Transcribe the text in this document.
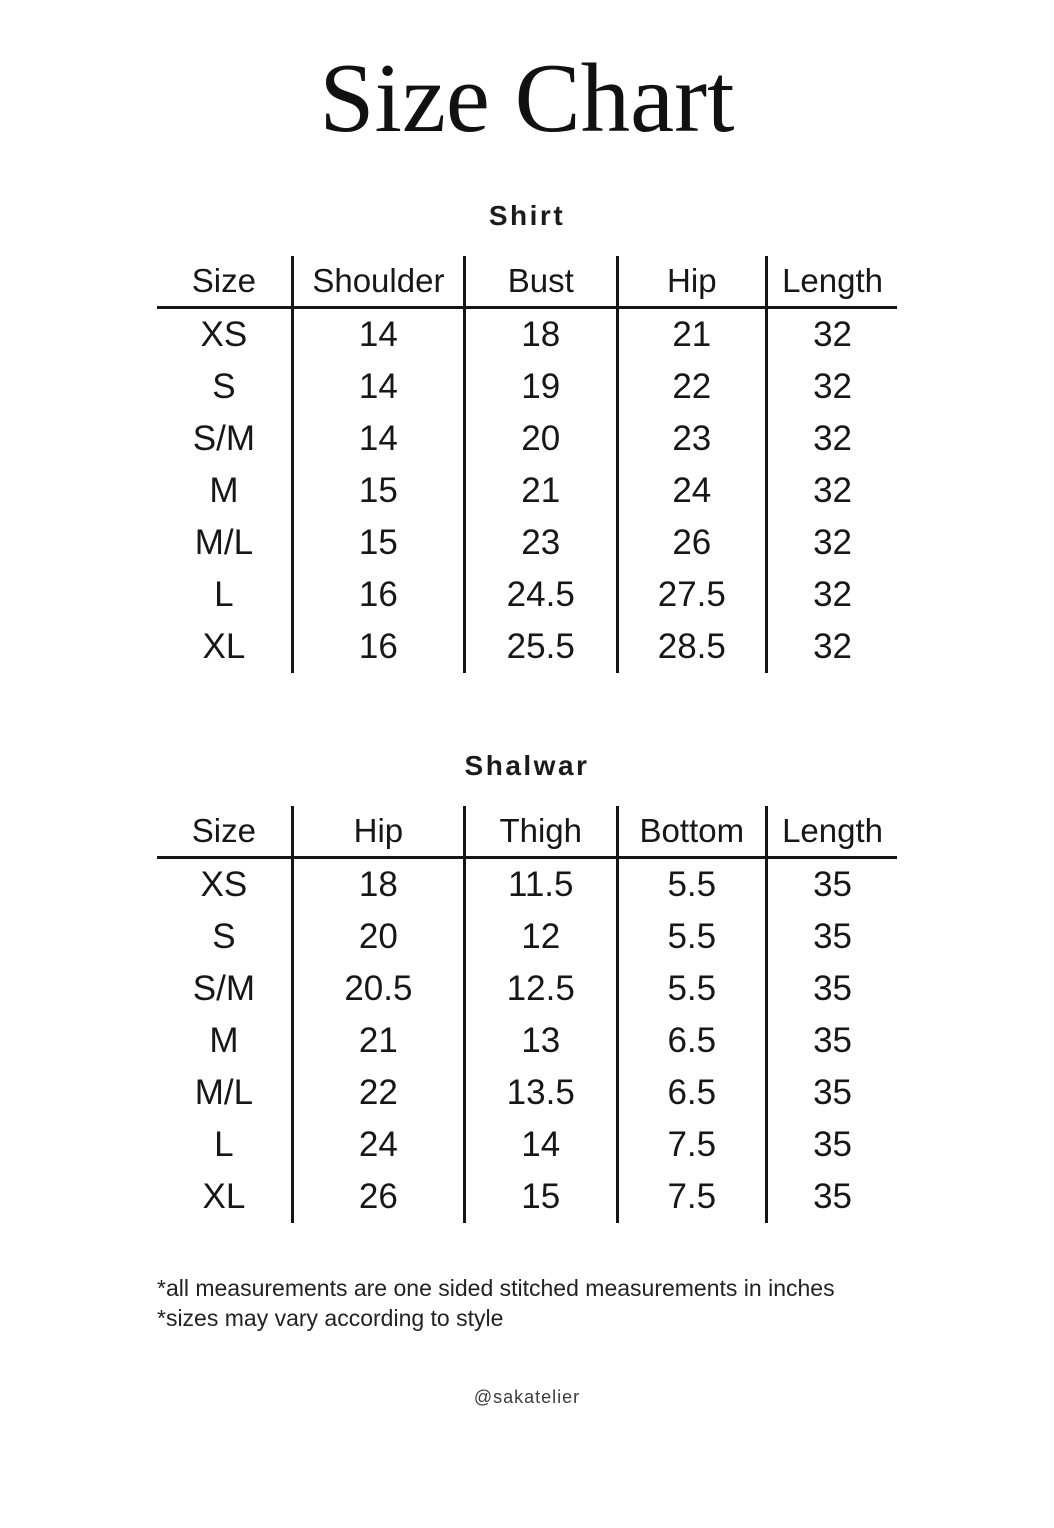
Size Chart
Shirt
Size	Shoulder	Bust	Hip	Length
XS	14	18	21	32
S	14	19	22	32
S/M	14	20	23	32
M	15	21	24	32
M/L	15	23	26	32
L	16	24.5	27.5	32
XL	16	25.5	28.5	32
Shalwar
Size	Hip	Thigh	Bottom	Length
XS	18	11.5	5.5	35
S	20	12	5.5	35
S/M	20.5	12.5	5.5	35
M	21	13	6.5	35
M/L	22	13.5	6.5	35
L	24	14	7.5	35
XL	26	15	7.5	35

*all measurements are one sided stitched measurements in inches

*sizes may vary according to style

@sakatelier
